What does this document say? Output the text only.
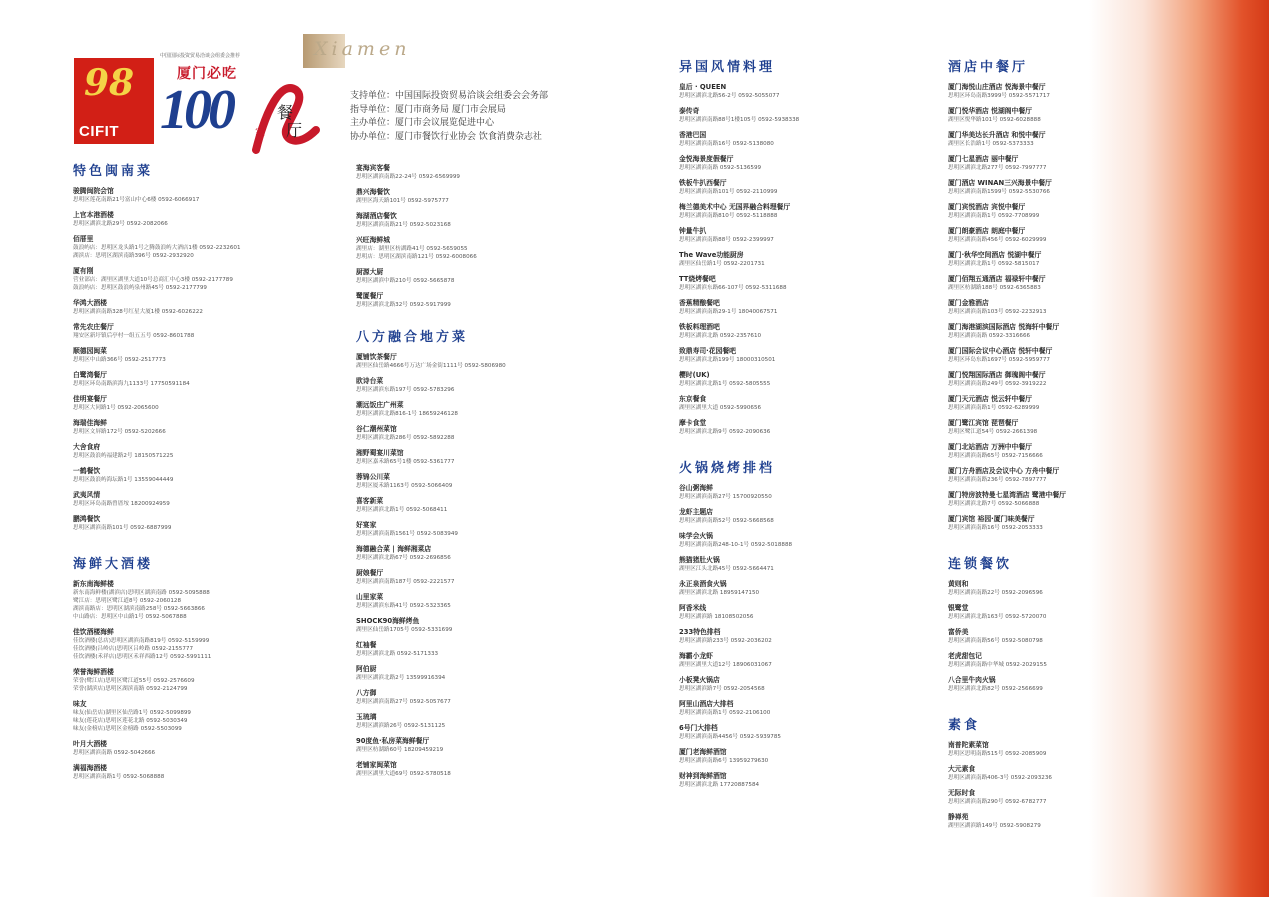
98
CIFIT
中国国际投资贸易洽谈会组委会推荐
厦门必吃
100
Xiamen
家
餐
厅
支持单位：中国国际投资贸易洽谈会组委会会务部
指导单位：厦门市商务局 厦门市会展局
主办单位：厦门市会议展览促进中心
协办单位：厦门市餐饮行业协会 饮食消费杂志社
特色闽南菜
骏腾闽院会馆
思明区莲花南路21号富山中心6楼 0592-6066917
上官本港酒楼
思明区湖滨北路29号 0592-2082066
佰厝里
鼓浪屿店：思明区龙头路1号之腾鼓浪屿大酒店1楼 0592-2232601
湖滨店：思明区湖滨南路396号 0592-2932920
厦有刚
营业部店：湖里区湖里大道10号总商汇中心3楼 0592-2177789
鼓浪屿店：思明区鼓浪屿泉州路45号 0592-2177799
华鸿大酒楼
思明区湖滨南路328号红星大厦1楼 0592-6026222
常先农庄餐厅
翔安区新圩镇后亭村一组五五号 0592-8601788
顺德园闽菜
思明区中山路366号 0592-2517773
白鹭湾餐厅
思明区环岛南路滨海九1133号 17750591184
佳明宴餐厅
思明区大同路1号 0592-2065600
海瑞佳海鲜
思明区文屏路172号 0592-5202666
大舍食府
思明区鼓浪屿福建路2号 18150571225
一鹤餐饮
思明区鼓浪屿海坛路1号 13559044449
武夷风情
思明区环岛南路曾厝垵 18200924959
鹏鸿餐饮
思明区湖滨南路101号 0592-6887999
海鲜大酒楼
新东南海鲜楼
新东南海鲜楼(湖滨店)思明区湖滨南路 0592-5095888
鹭江店：思明区鹭江道8号 0592-2060128
湖滨南路店：思明区湖滨南路258号 0592-5663866
中山路店：思明区中山路1号 0592-5067888
佳饮酒楼海鲜
佳饮酒楼(总店)思明区湖滨南路819号 0592-5159999
佳饮酒楼(吕岭店)思明区吕岭路 0592-2155777
佳饮酒楼(禾祥店)思明区禾祥西路12号 0592-5991111
荣誉海鲜酒楼
荣誉(鹭江店)思明区鹭江道55号 0592-2576609
荣誉(湖滨店)思明区湖滨南路 0592-2124799
味友
味友(仙岳店)湖里区仙岳路1号 0592-5099899
味友(莲花店)思明区莲花北路 0592-5030349
味友(金榜店)思明区金榜路 0592-5503099
叶月大酒楼
思明区湖滨南路 0592-5042666
满福海酒楼
思明区湖滨南路1号 0592-5068888
宴海宾客餐
思明区湖滨南路22-24号 0592-6569999
鼎兴海餐饮
湖里区海天路101号 0592-5975777
海湖酒店餐饮
思明区湖滨南路21号 0592-5023168
兴旺海鲜城
湖里店：湖里区枋湖路41号 0592-5659055
思明店：思明区湖滨南路121号 0592-6008066
厨源大厨
思明区湖滨中路210号 0592-5665878
鹭厦餐厅
思明区湖滨北路32号 0592-5917999
八方融合地方菜
厦铺饮茶餐厅
湖里区仙岳路4666号万达广场金街1111号 0592-5806980
欧诗台菜
思明区湖滨东路197号 0592-5783296
潮远饭庄广州菜
思明区湖滨北路816-1号 18659246128
谷仁潮州菜馆
思明区湖滨北路286号 0592-5892288
湘野蜀宴川菜馆
思明区嘉禾路65号1楼 0592-5361777
蓉锦公川菜
思明区厦禾路1163号 0592-5066409
喜客新菜
思明区湖滨北路1号 0592-5068411
好宴家
思明区湖滨南路1561号 0592-5083949
海德融合菜 | 海鲜湘菜店
思明区湖滨北路67号 0592-2696856
厨娘餐厅
思明区湖滨南路187号 0592-2221577
山里家菜
思明区湖滨东路41号 0592-5323365
SHOCK90海鲜烤鱼
湖里区仙岳路1705号 0592-5331699
红袖餐
思明区湖滨北路 0592-5171333
阿伯厨
湖里区湖滨北路2号 13599916394
八方御
思明区湖滨南路27号 0592-5057677
玉琉璃
思明区湖滨路26号 0592-5131125
90度鱼·私房菜海鲜餐厅
湖里区枋湖路60号 18209459219
老铺家闽菜馆
湖里区湖里大道69号 0592-5780518
异国风情料理
皇后 · QUEEN
思明区湖滨北路56-2号 0592-5055077
泰传奇
思明区湖滨南路88号1楼105号 0592-5938338
香港巴国
思明区湖滨南路16号 0592-5138080
金悦海景度假餐厅
思明区湖滨南路 0592-5136599
铁板牛扒西餐厅
思明区湖滨南路101号 0592-2110999
梅兰德美术中心 无国界融合料理餐厅
思明区湖滨南路810号 0592-5118888
钟量牛扒
思明区湖滨南路88号 0592-2399997
The Wave功能厨房
湖里区仙岳路1号 0592-2201731
TT烧烤餐吧
思明区湖滨东路66-107号 0592-5311688
香蕉精酿餐吧
思明区湖滨南路29-1号 18040067571
铁板料理酒吧
思明区湖滨北路 0592-2357610
致鼎寿司·花园餐吧
思明区湖滨北路199号 18000310501
樱时(UK)
思明区湖滨北路1号 0592-5805555
东京餐食
湖里区湖里大道 0592-5990656
摩卡食堂
思明区湖滨北路9号 0592-2090636
火锅烧烤排档
谷山粥海鲜
思明区湖滨南路27号 15700920550
龙虾主题店
思明区湖滨南路52号 0592-5668568
味学会火锅
思明区湖滨南路248-10-1号 0592-5018888
熊猫猪肚火锅
湖里区江头北路45号 0592-5664471
永正泉酒食火锅
湖里区湖滨北路 18959147150
阿香米线
思明区湖滨路 18108502056
233特色排档
思明区湖滨路233号 0592-2036202
海霸小龙虾
湖里区湖里大道12号 18906031067
小板凳火锅店
思明区湖滨路7号 0592-2054568
阿里山酒店大排档
思明区湖滨南路1号 0592-2106100
6号门大排档
思明区湖滨南路4456号 0592-5939785
厦门老海鲜酒馆
思明区湖滨南路6号 13959279630
财神到海鲜酒馆
思明区湖滨北路 17720887584
酒店中餐厅
厦门海悦山庄酒店 悦海景中餐厅
思明区环岛南路3999号 0592-5571717
厦门悦华酒店 悦湖阁中餐厅
湖里区悦华路101号 0592-6028888
厦门华美达长升酒店 和悦中餐厅
湖里区长浩路1号 0592-5373333
厦门七星酒店 丽中餐厅
思明区湖滨北路277号 0592-7997777
厦门酒店 WINAN三兴海景中餐厅
思明区湖滨南路1599号 0592-5530766
厦门宾悦酒店 宾悦中餐厅
思明区湖滨南路1号 0592-7708999
厦门朗豪酒店 朗庭中餐厅
思明区湖滨南路456号 0592-6029999
厦门·秋华空间酒店 悦湖中餐厅
思明区湖滨北路1号 0592-5815017
厦门佰翔五通酒店 福禄轩中餐厅
湖里区枋湖路188号 0592-6365883
厦门金雅酒店
思明区湖滨南路103号 0592-2232913
厦门海港湖滨国际酒店 悦海轩中餐厅
思明区湖滨南路 0592-3316666
厦门国际会议中心酒店 悦轩中餐厅
思明区环岛东路1697号 0592-5959777
厦门悦翔国际酒店 御瑰阁中餐厅
思明区湖滨南路249号 0592-3919222
厦门天元酒店 悦云轩中餐厅
思明区湖滨南路1号 0592-6289999
厦门鹭江宾馆 琵琶餐厅
思明区鹭江道54号 0592-2661398
厦门北站酒店 万洲中中餐厅
思明区湖滨南路65号 0592-7156666
厦门方舟酒店及会议中心 方舟中餐厅
思明区湖滨南路236号 0592-7897777
厦门特房波特曼七星湾酒店 鹭港中餐厅
思明区湖滨北路7号 0592-5066888
厦门宾馆 裕园·厦门味美餐厅
思明区湖滨南路16号 0592-2053333
连锁餐饮
黄则和
思明区湖滨南路22号 0592-2096596
银鹭堂
思明区湖滨北路163号 0592-5720070
富侨美
思明区湖滨南路56号 0592-5080798
老虎甜包记
思明区湖滨南路中华城 0592-2029155
八合里牛肉火锅
思明区湖滨北路82号 0592-2566699
素食
南普陀素菜馆
思明区思明南路515号 0592-2085909
大元素食
思明区湖滨南路406-3号 0592-2093236
无际时食
思明区湖滨南路290号 0592-6782777
静禅苑
湖里区湖滨路149号 0592-5908279
